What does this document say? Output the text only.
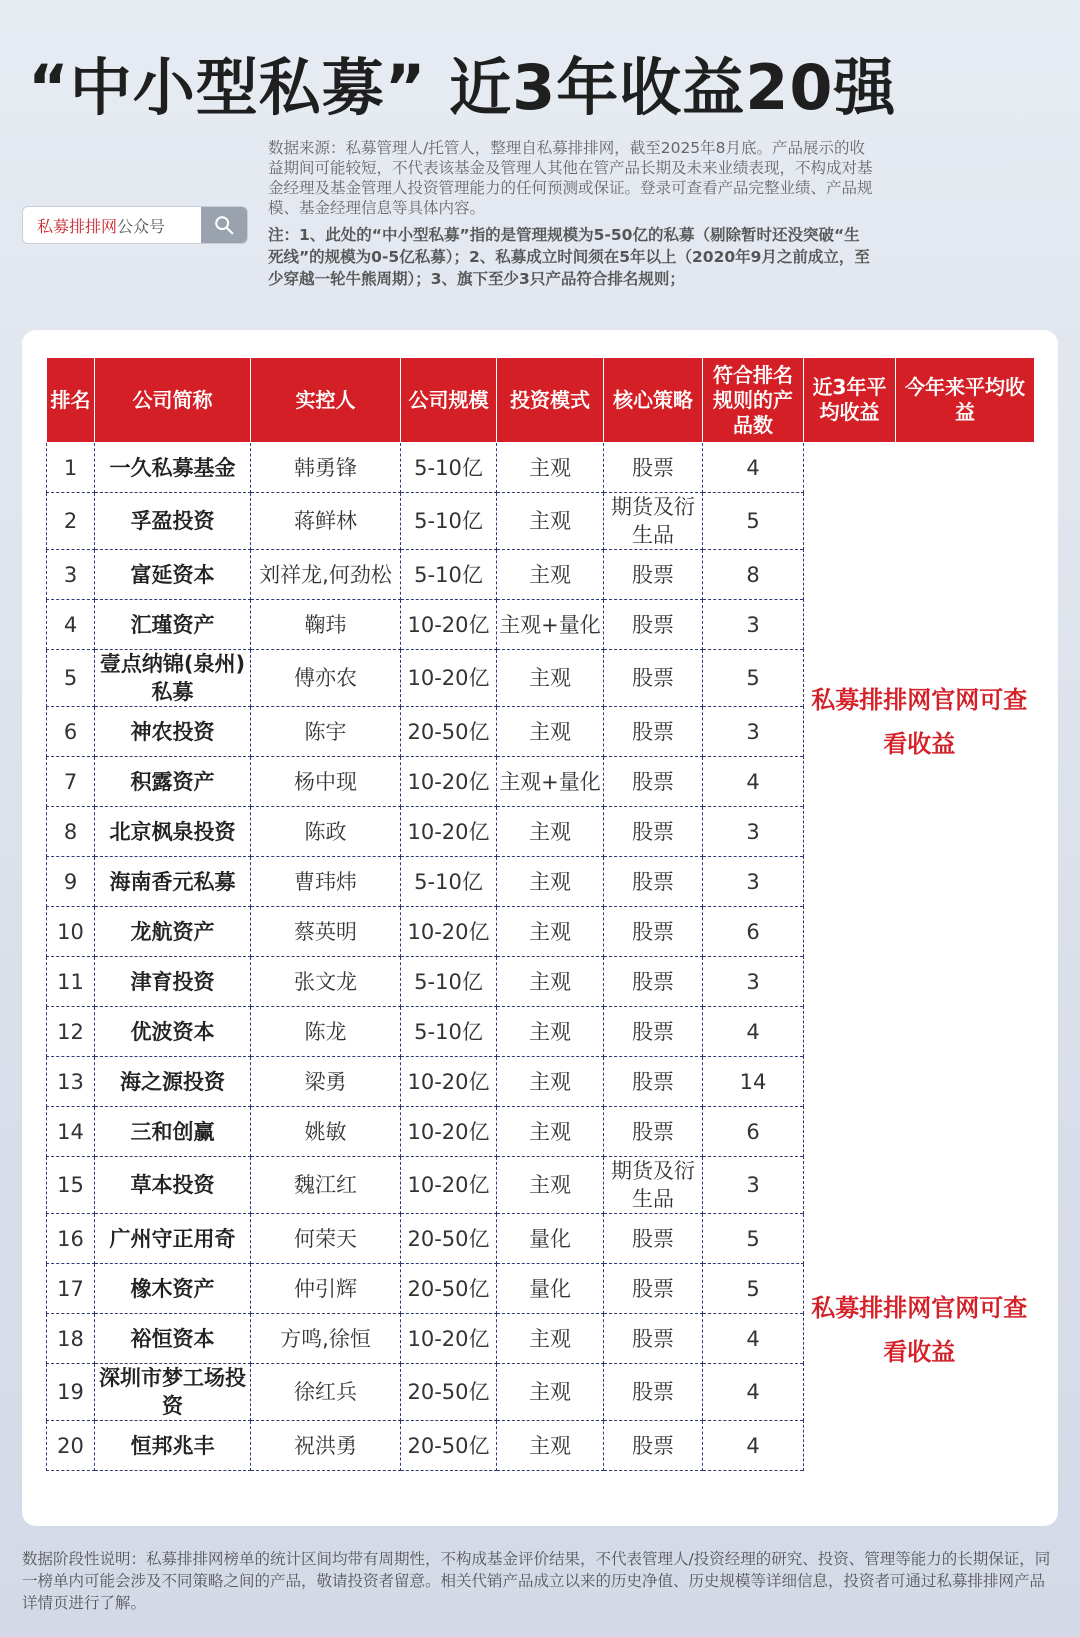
“中小型私募” 近3年收益20强
私募排排网公众号
数据来源：私募管理人/托管人，整理自私募排排网，截至2025年8月底。产品展示的收益期间可能较短，不代表该基金及管理人其他在管产品长期及未来业绩表现，不构成对基金经理及基金管理人投资管理能力的任何预测或保证。登录可查看产品完整业绩、产品规模、基金经理信息等具体内容。
注：1、此处的“中小型私募”指的是管理规模为5-50亿的私募（剔除暂时还没突破“生死线”的规模为0-5亿私募）；2、私募成立时间须在5年以上（2020年9月之前成立，至少穿越一轮牛熊周期）；3、旗下至少3只产品符合排名规则；
排名	公司简称	实控人	公司规模	投资模式	核心策略	符合排名规则的产品数	近3年平均收益	今年来平均收益
1	一久私募基金	韩勇锋	5-10亿	主观	股票	4	私募排排网官网可查看收益	

2	孚盈投资	蒋鲜林	5-10亿	主观	期货及衍生品	5		
3	富延资本	刘祥龙,何劲松	5-10亿	主观	股票	8		
4	汇瑾资产	鞠玮	10-20亿	主观+量化	股票	3		
5	壹点纳锦(泉州)私募	傅亦农	10-20亿	主观	股票	5		
6	神农投资	陈宇	20-50亿	主观	股票	3		
7	积露资产	杨中现	10-20亿	主观+量化	股票	4		
8	北京枫泉投资	陈政	10-20亿	主观	股票	3		
9	海南香元私募	曹玮炜	5-10亿	主观	股票	3		
10	龙航资产	蔡英明	10-20亿	主观	股票	6		
11	津育投资	张文龙	5-10亿	主观	股票	3		
12	优波资本	陈龙	5-10亿	主观	股票	4		
13	海之源投资	梁勇	10-20亿	主观	股票	14		
14	三和创赢	姚敏	10-20亿	主观	股票	6		
15	草本投资	魏江红	10-20亿	主观	期货及衍生品	3		
16	广州守正用奇	何荣天	20-50亿	量化	股票	5	私募排排网官网可查看收益	

17	橡木资产	仲引辉	20-50亿	量化	股票	5		
18	裕恒资本	方鸣,徐恒	10-20亿	主观	股票	4		
19	深圳市梦工场投资	徐红兵	20-50亿	主观	股票	4		
20	恒邦兆丰	祝洪勇	20-50亿	主观	股票	4		
数据阶段性说明：私募排排网榜单的统计区间均带有周期性，不构成基金评价结果，不代表管理人/投资经理的研究、投资、管理等能力的长期保证，同一榜单内可能会涉及不同策略之间的产品，敬请投资者留意。相关代销产品成立以来的历史净值、历史规模等详细信息，投资者可通过私募排排网产品详情页进行了解。
